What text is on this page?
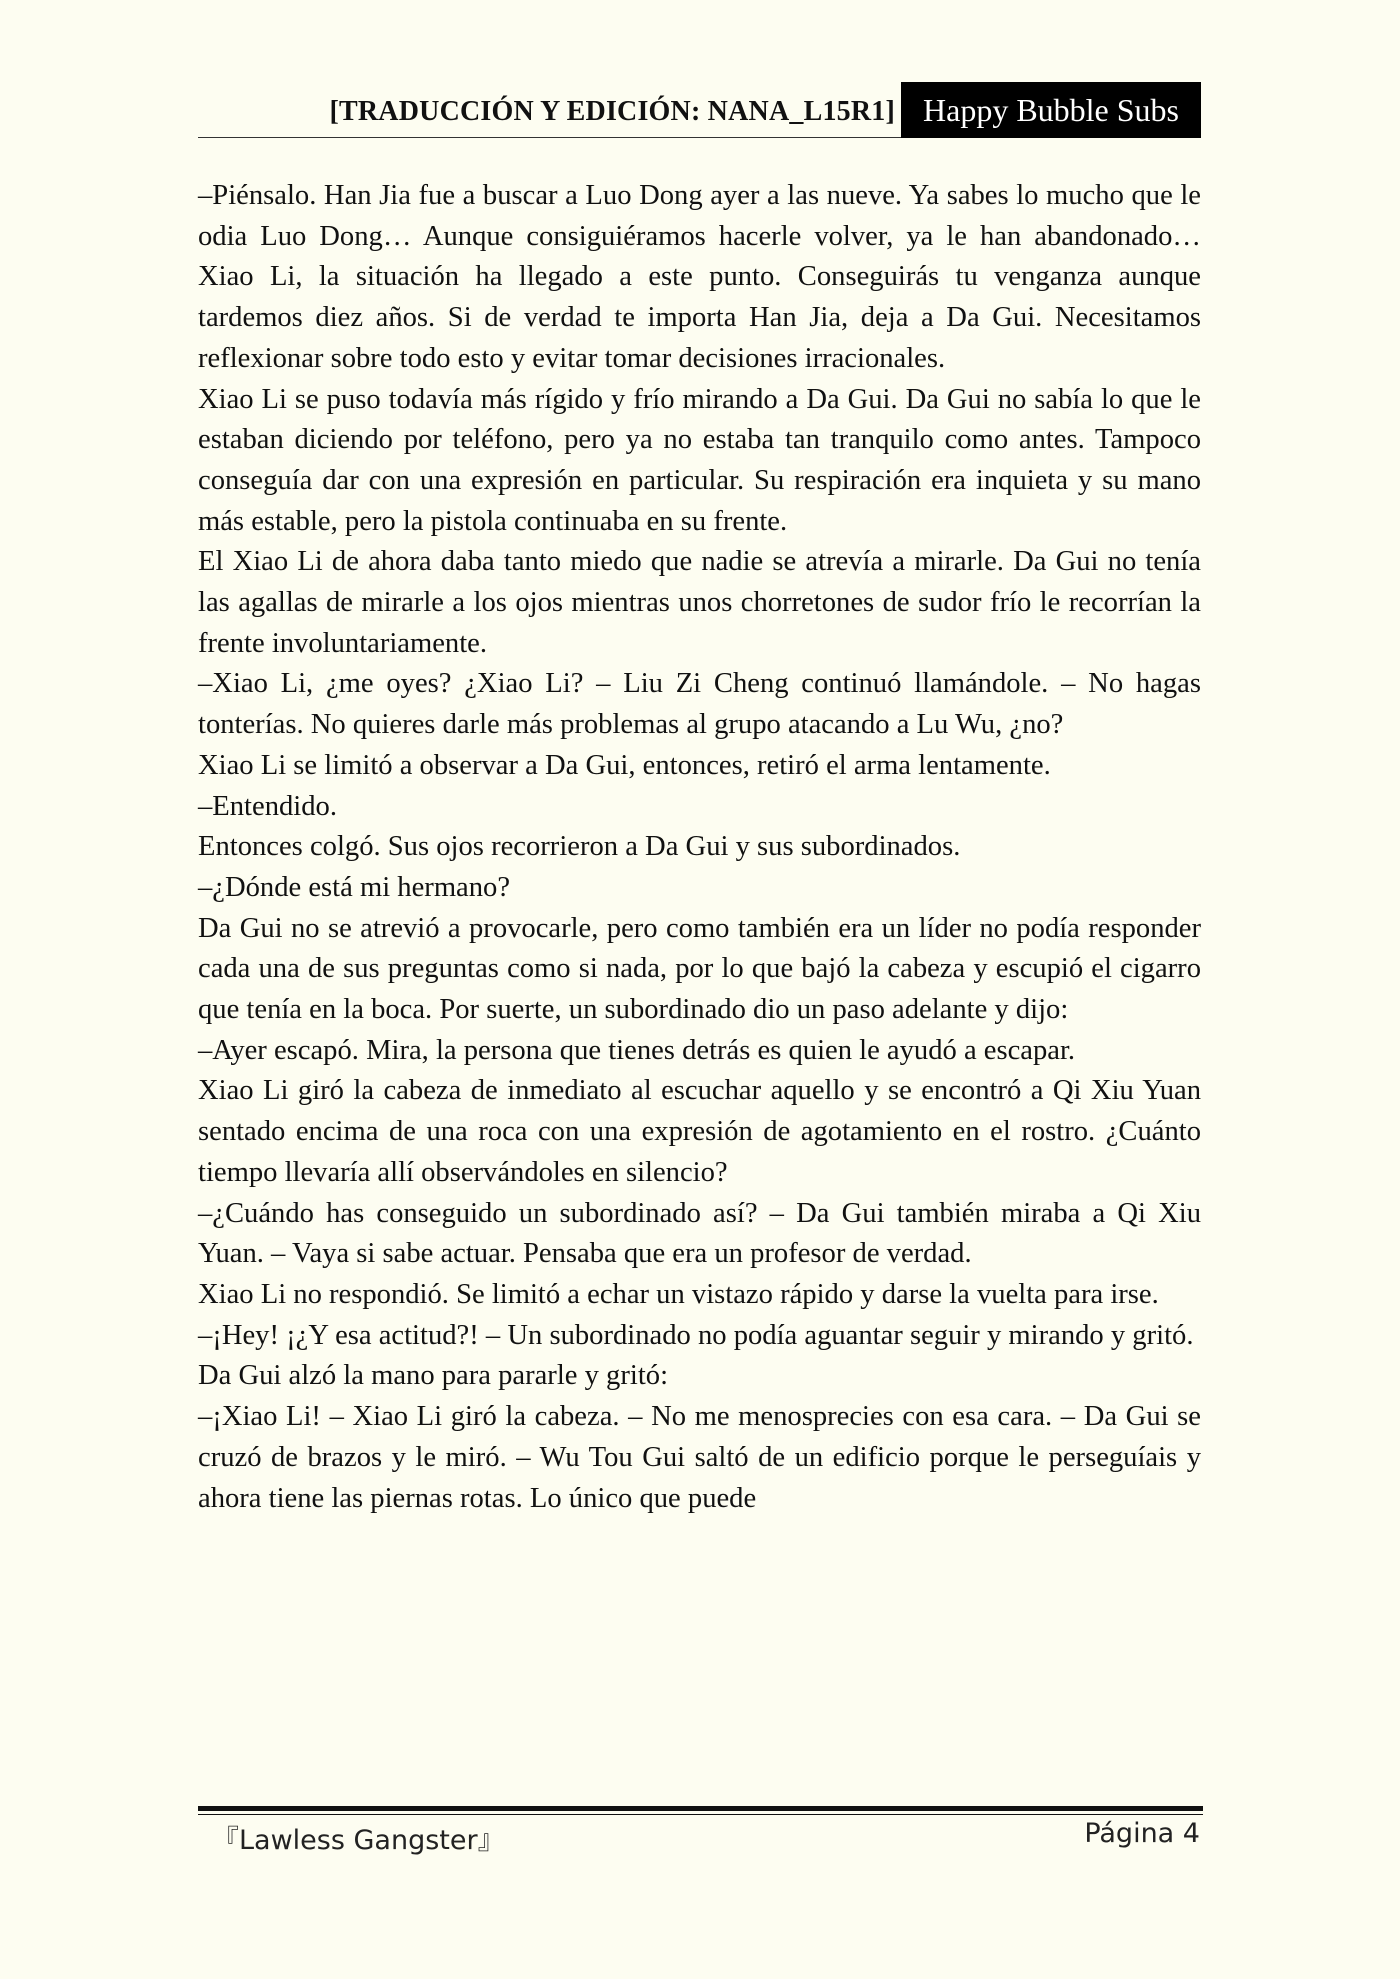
[TRADUCCIÓN Y EDICIÓN: NANA_L15R1] Happy Bubble Subs

–Piénsalo. Han Jia fue a buscar a Luo Dong ayer a las nueve. Ya sabes lo mucho que le odia Luo Dong… Aunque consiguiéramos hacerle volver, ya le han abandonado… Xiao Li, la situación ha llegado a este punto. Conseguirás tu venganza aunque tardemos diez años. Si de verdad te importa Han Jia, deja a Da Gui. Necesitamos reflexionar sobre todo esto y evitar tomar decisiones irracionales.

Xiao Li se puso todavía más rígido y frío mirando a Da Gui. Da Gui no sabía lo que le estaban diciendo por teléfono, pero ya no estaba tan tranquilo como antes. Tampoco conseguía dar con una expresión en particular. Su respiración era inquieta y su mano más estable, pero la pistola continuaba en su frente.

El Xiao Li de ahora daba tanto miedo que nadie se atrevía a mirarle. Da Gui no tenía las agallas de mirarle a los ojos mientras unos chorretones de sudor frío le recorrían la frente involuntariamente.

–Xiao Li, ¿me oyes? ¿Xiao Li? – Liu Zi Cheng continuó llamándole. – No hagas tonterías. No quieres darle más problemas al grupo atacando a Lu Wu, ¿no?

Xiao Li se limitó a observar a Da Gui, entonces, retiró el arma lentamente.

–Entendido.

Entonces colgó. Sus ojos recorrieron a Da Gui y sus subordinados.

–¿Dónde está mi hermano?

Da Gui no se atrevió a provocarle, pero como también era un líder no podía responder cada una de sus preguntas como si nada, por lo que bajó la cabeza y escupió el cigarro que tenía en la boca. Por suerte, un subordinado dio un paso adelante y dijo:

–Ayer escapó. Mira, la persona que tienes detrás es quien le ayudó a escapar.

Xiao Li giró la cabeza de inmediato al escuchar aquello y se encontró a Qi Xiu Yuan sentado encima de una roca con una expresión de agotamiento en el rostro. ¿Cuánto tiempo llevaría allí observándoles en silencio?

–¿Cuándo has conseguido un subordinado así? – Da Gui también miraba a Qi Xiu Yuan. – Vaya si sabe actuar. Pensaba que era un profesor de verdad.

Xiao Li no respondió. Se limitó a echar un vistazo rápido y darse la vuelta para irse.

–¡Hey! ¡¿Y esa actitud?! – Un subordinado no podía aguantar seguir y mirando y gritó.

Da Gui alzó la mano para pararle y gritó:

–¡Xiao Li! – Xiao Li giró la cabeza. – No me menosprecies con esa cara. – Da Gui se cruzó de brazos y le miró. – Wu Tou Gui saltó de un edificio porque le perseguíais y ahora tiene las piernas rotas. Lo único que puede

『Lawless Gangster』	Página 4
